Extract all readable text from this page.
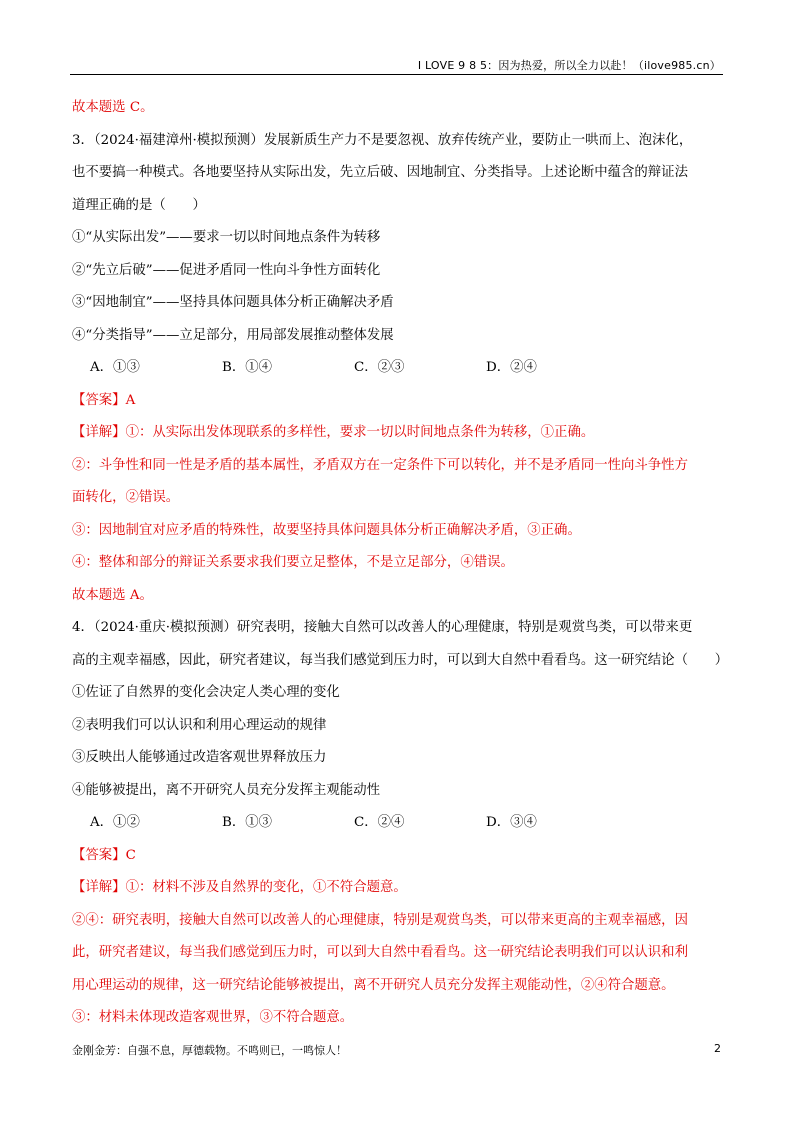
I LOVE 9 8 5：因为热爱，所以全力以赴！（ilove985.cn）

故本题选 C。

3．（2024·福建漳州·模拟预测）发展新质生产力不是要忽视、放弃传统产业，要防止一哄而上、泡沫化，

也不要搞一种模式。各地要坚持从实际出发，先立后破、因地制宜、分类指导。上述论断中蕴含的辩证法

道理正确的是（　　）

①“从实际出发”——要求一切以时间地点条件为转移

②“先立后破”——促进矛盾同一性向斗争性方面转化

③“因地制宜”——坚持具体问题具体分析正确解决矛盾

④“分类指导”——立足部分，用局部发展推动整体发展

A．①③	B．①④	C．②③	D．②④

【答案】A

【详解】①：从实际出发体现联系的多样性，要求一切以时间地点条件为转移，①正确。

②：斗争性和同一性是矛盾的基本属性，矛盾双方在一定条件下可以转化，并不是矛盾同一性向斗争性方

面转化，②错误。

③：因地制宜对应矛盾的特殊性，故要坚持具体问题具体分析正确解决矛盾，③正确。

④：整体和部分的辩证关系要求我们要立足整体，不是立足部分，④错误。

故本题选 A。

4．（2024·重庆·模拟预测）研究表明，接触大自然可以改善人的心理健康，特别是观赏鸟类，可以带来更

高的主观幸福感，因此，研究者建议，每当我们感觉到压力时，可以到大自然中看看鸟。这一研究结论（　　）

①佐证了自然界的变化会决定人类心理的变化

②表明我们可以认识和利用心理运动的规律

③反映出人能够通过改造客观世界释放压力

④能够被提出，离不开研究人员充分发挥主观能动性

A．①②	B．①③	C．②④	D．③④

【答案】C

【详解】①：材料不涉及自然界的变化，①不符合题意。

②④：研究表明，接触大自然可以改善人的心理健康，特别是观赏鸟类，可以带来更高的主观幸福感，因

此，研究者建议，每当我们感觉到压力时，可以到大自然中看看鸟。这一研究结论表明我们可以认识和利

用心理运动的规律，这一研究结论能够被提出，离不开研究人员充分发挥主观能动性，②④符合题意。

③：材料未体现改造客观世界，③不符合题意。

金刚金芳：自强不息，厚德载物。不鸣则已，一鸣惊人！	2
